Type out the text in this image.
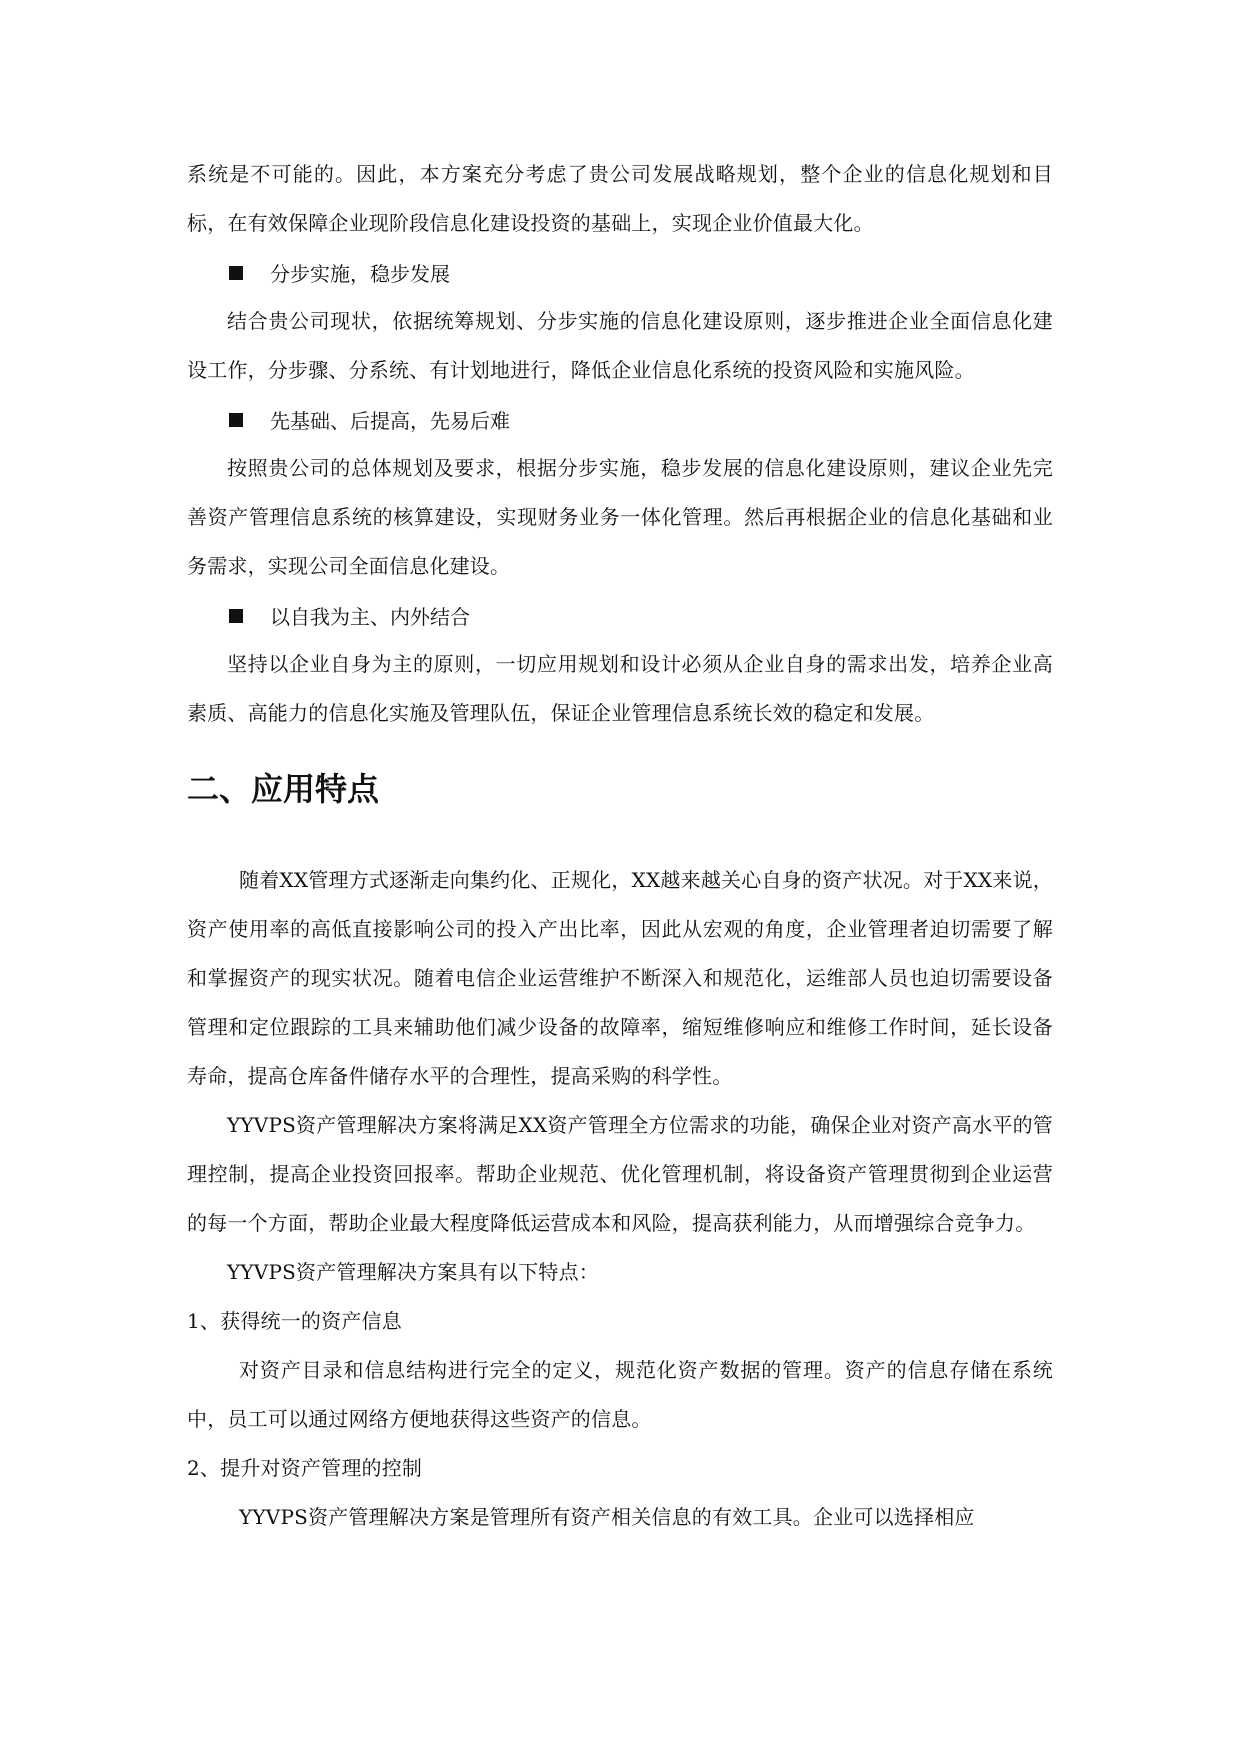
系统是不可能的。因此，本方案充分考虑了贵公司发展战略规划，整个企业的信息化规划和目标，在有效保障企业现阶段信息化建设投资的基础上，实现企业价值最大化。

分步实施，稳步发展

结合贵公司现状，依据统筹规划、分步实施的信息化建设原则，逐步推进企业全面信息化建设工作，分步骤、分系统、有计划地进行，降低企业信息化系统的投资风险和实施风险。

先基础、后提高，先易后难

按照贵公司的总体规划及要求，根据分步实施，稳步发展的信息化建设原则，建议企业先完善资产管理信息系统的核算建设，实现财务业务一体化管理。然后再根据企业的信息化基础和业务需求，实现公司全面信息化建设。

以自我为主、内外结合

坚持以企业自身为主的原则，一切应用规划和设计必须从企业自身的需求出发，培养企业高素质、高能力的信息化实施及管理队伍，保证企业管理信息系统长效的稳定和发展。

二、应用特点

随着XX管理方式逐渐走向集约化、正规化，XX越来越关心自身的资产状况。对于XX来说，资产使用率的高低直接影响公司的投入产出比率，因此从宏观的角度，企业管理者迫切需要了解和掌握资产的现实状况。随着电信企业运营维护不断深入和规范化，运维部人员也迫切需要设备管理和定位跟踪的工具来辅助他们减少设备的故障率，缩短维修响应和维修工作时间，延长设备寿命，提高仓库备件储存水平的合理性，提高采购的科学性。

YYVPS资产管理解决方案将满足XX资产管理全方位需求的功能，确保企业对资产高水平的管理控制，提高企业投资回报率。帮助企业规范、优化管理机制，将设备资产管理贯彻到企业运营的每一个方面，帮助企业最大程度降低运营成本和风险，提高获利能力，从而增强综合竞争力。

YYVPS资产管理解决方案具有以下特点：

1、获得统一的资产信息

对资产目录和信息结构进行完全的定义，规范化资产数据的管理。资产的信息存储在系统中，员工可以通过网络方便地获得这些资产的信息。

2、提升对资产管理的控制

YYVPS资产管理解决方案是管理所有资产相关信息的有效工具。企业可以选择相应
